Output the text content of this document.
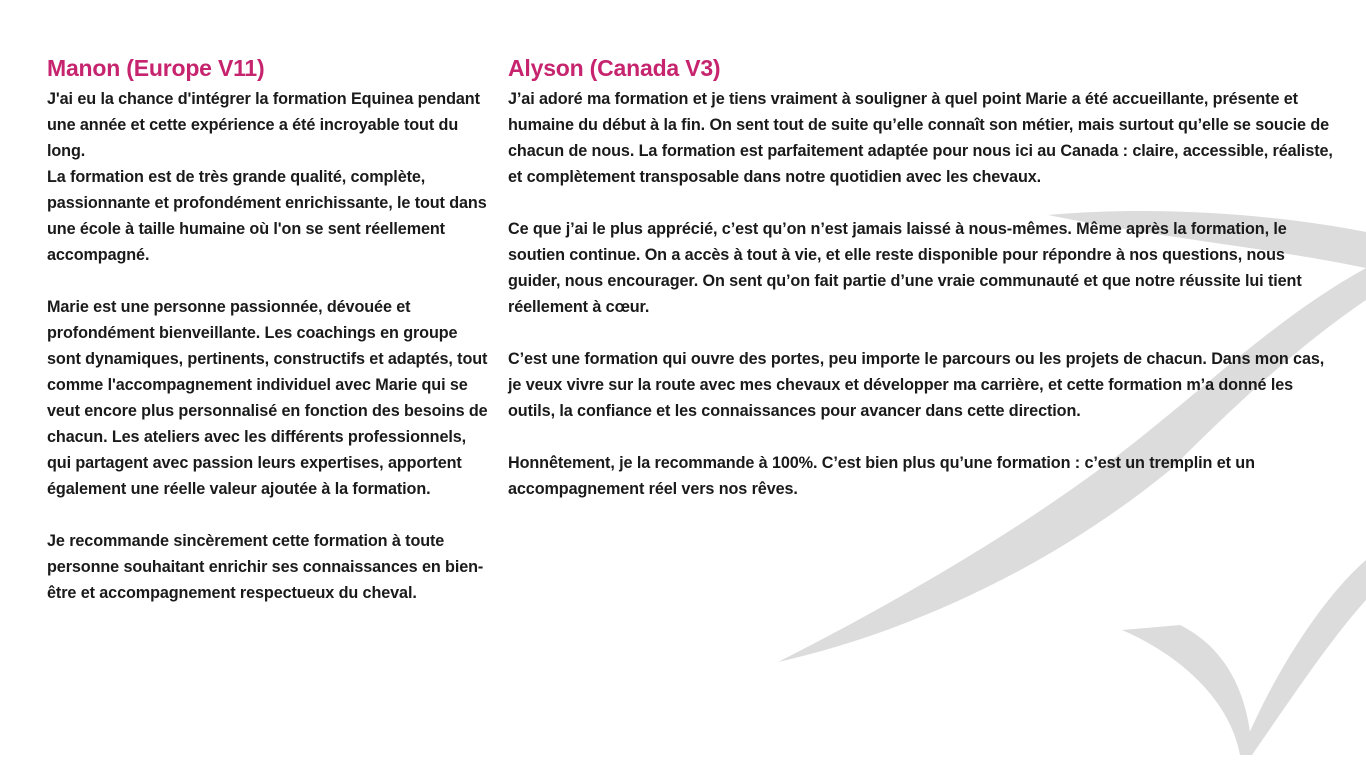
Manon (Europe V11)
J'ai eu la chance d'intégrer la formation Equinea pendant une année et cette expérience a été incroyable tout du long.
La formation est de très grande qualité, complète, passionnante et profondément enrichissante, le tout dans une école à taille humaine où l'on se sent réellement accompagné.
Marie est une personne passionnée, dévouée et profondément bienveillante. Les coachings en groupe sont dynamiques, pertinents, constructifs et adaptés, tout comme l'accompagnement individuel avec Marie qui se veut encore plus personnalisé en fonction des besoins de chacun. Les ateliers avec les différents professionnels, qui partagent avec passion leurs expertises, apportent également une réelle valeur ajoutée à la formation.
Je recommande sincèrement cette formation à toute personne souhaitant enrichir ses connaissances en bien-être et accompagnement respectueux du cheval.
Alyson (Canada V3)
J’ai adoré ma formation et je tiens vraiment à souligner à quel point Marie a été accueillante, présente et humaine du début à la fin. On sent tout de suite qu’elle connaît son métier, mais surtout qu’elle se soucie de chacun de nous. La formation est parfaitement adaptée pour nous ici au Canada : claire, accessible, réaliste, et complètement transposable dans notre quotidien avec les chevaux.
Ce que j’ai le plus apprécié, c’est qu’on n’est jamais laissé à nous-mêmes. Même après la formation, le soutien continue. On a accès à tout à vie, et elle reste disponible pour répondre à nos questions, nous guider, nous encourager. On sent qu’on fait partie d’une vraie communauté et que notre réussite lui tient réellement à cœur.
C’est une formation qui ouvre des portes, peu importe le parcours ou les projets de chacun. Dans mon cas, je veux vivre sur la route avec mes chevaux et développer ma carrière, et cette formation m’a donné les outils, la confiance et les connaissances pour avancer dans cette direction.
Honnêtement, je la recommande à 100%. C’est bien plus qu’une formation : c’est un tremplin et un accompagnement réel vers nos rêves.
